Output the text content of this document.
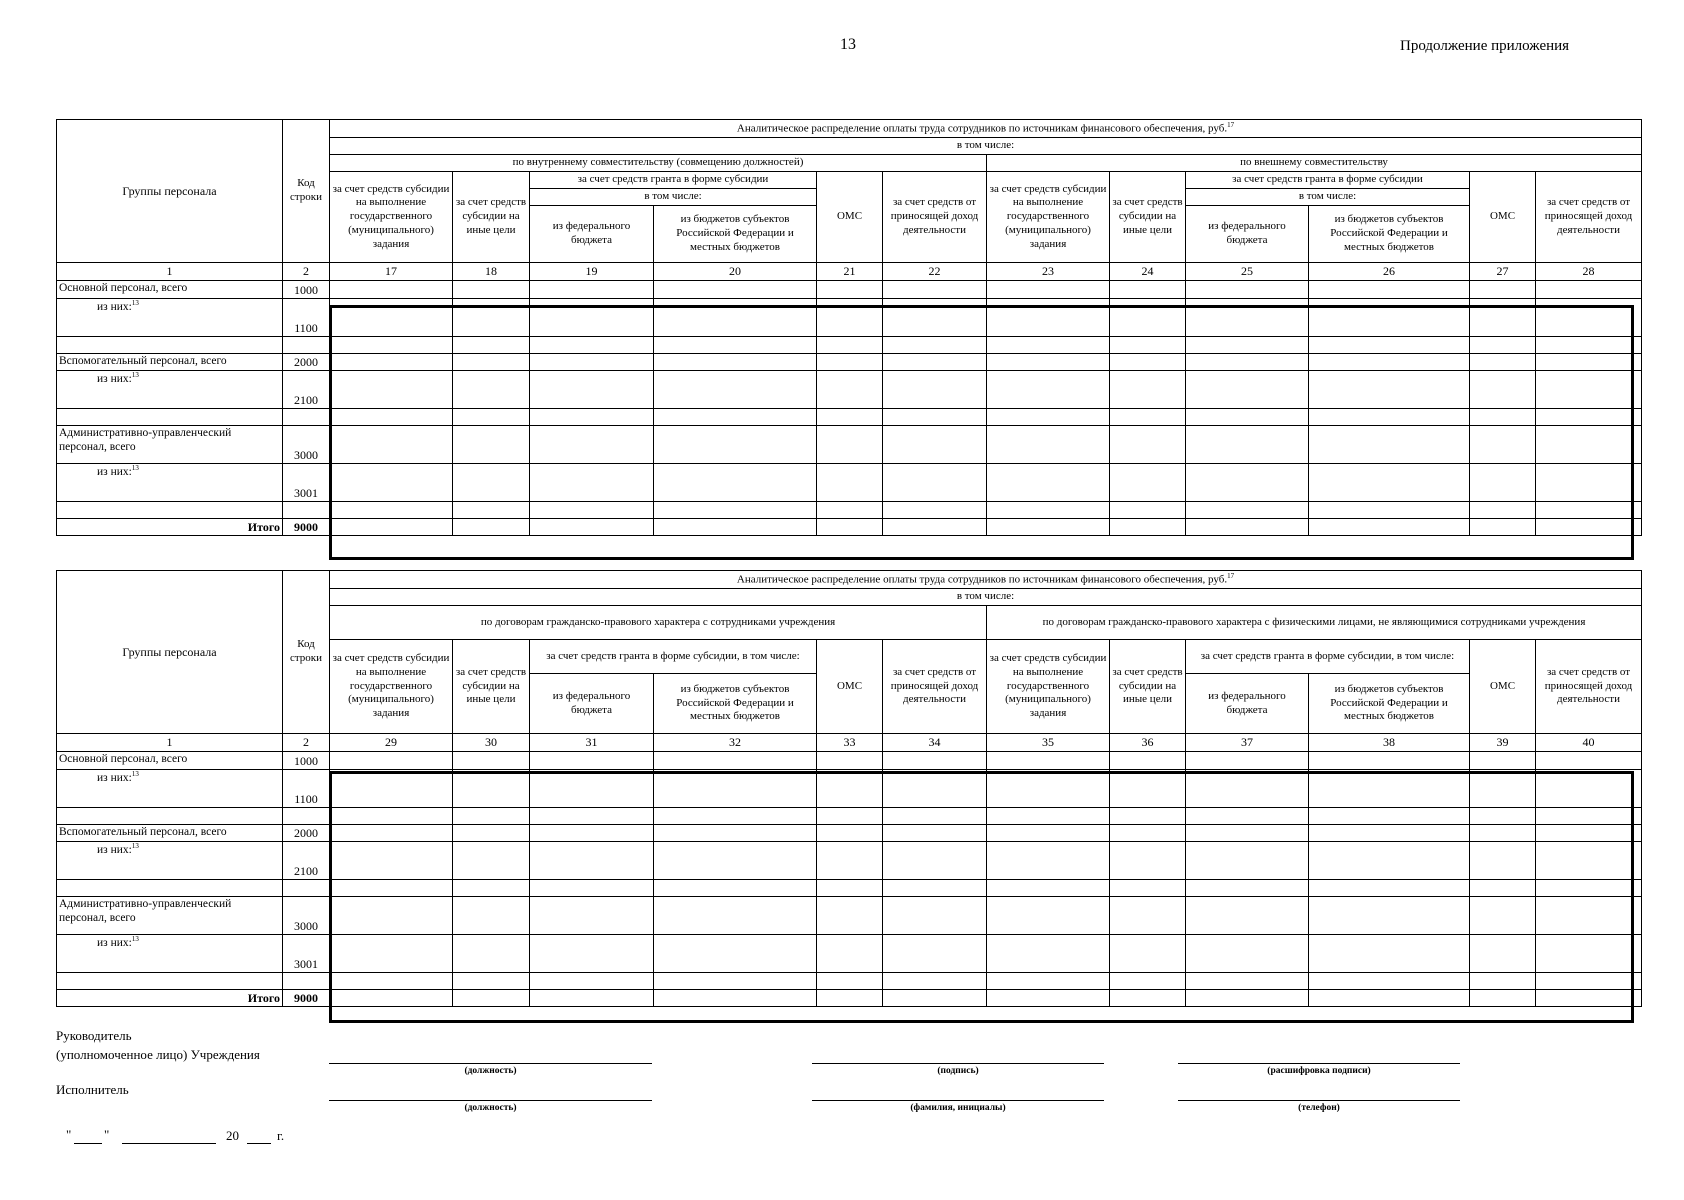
13	Продолжение приложения
Группы персонала	Код строки	Аналитическое распределение оплаты труда сотрудников по источникам финансового обеспечения, руб.$^{17}$
		в том числе:											
		по внутреннему совместительству (совмещению должностей)						по внешнему совместительству					
		за счет средств субсидии на выполнение государственного (муниципального) задания	за счет средств субсидии на иные цели	за счет средств гранта в форме субсидии		ОМС	за счет средств от приносящей доход деятельности	за счет средств субсидии на выполнение государственного (муниципального) задания	за счет средств субсидии на иные цели	за счет средств гранта в форме субсидии		ОМС	за счет средств от приносящей доход деятельности
				в том числе:						в том числе:			
				из федерального бюджета	из бюджетов субъектов Российской Федерации и местных бюджетов					из федерального бюджета	из бюджетов субъектов Российской Федерации и местных бюджетов		

1	2	17	18	19	20	21	22	23	24	25	26	27	28
Основной персонал, всего	1000												
из них:$^{13}$	1100												

Вспомогательный персонал, всего	2000												
из них:$^{13}$	2100												

Административно-управленческий
персонал, всего	3000												
из них:$^{13}$	3001												

Итого	9000												
Группы персонала	Код строки	Аналитическое распределение оплаты труда сотрудников по источникам финансового обеспечения, руб.$^{17}$
		в том числе:											
		по договорам гражданско-правового характера с сотрудниками учреждения						по договорам гражданско-правового характера с физическими лицами, не являющимися сотрудниками учреждения					
		за счет средств субсидии на выполнение государственного (муниципального) задания	за счет средств субсидии на иные цели	за счет средств гранта в форме субсидии, в том числе:		ОМС	за счет средств от приносящей доход деятельности	за счет средств субсидии на выполнение государственного (муниципального) задания	за счет средств субсидии на иные цели	за счет средств гранта в форме субсидии, в том числе:		ОМС	за счет средств от приносящей доход деятельности
				из федерального бюджета	из бюджетов субъектов Российской Федерации и местных бюджетов					из федерального бюджета	из бюджетов субъектов Российской Федерации и местных бюджетов		

1	2	29	30	31	32	33	34	35	36	37	38	39	40
Основной персонал, всего	1000												
из них:$^{13}$	1100												

Вспомогательный персонал, всего	2000												
из них:$^{13}$	2100												

Административно-управленческий
персонал, всего	3000												
из них:$^{13}$	3001												

Итого	9000												
Руководитель
(уполномоченное лицо) Учреждения
(должность)	(подпись)	(расшифровка подписи)
Исполнитель
(должность)	(фамилия, инициалы)	(телефон)
"	"	20	г.
